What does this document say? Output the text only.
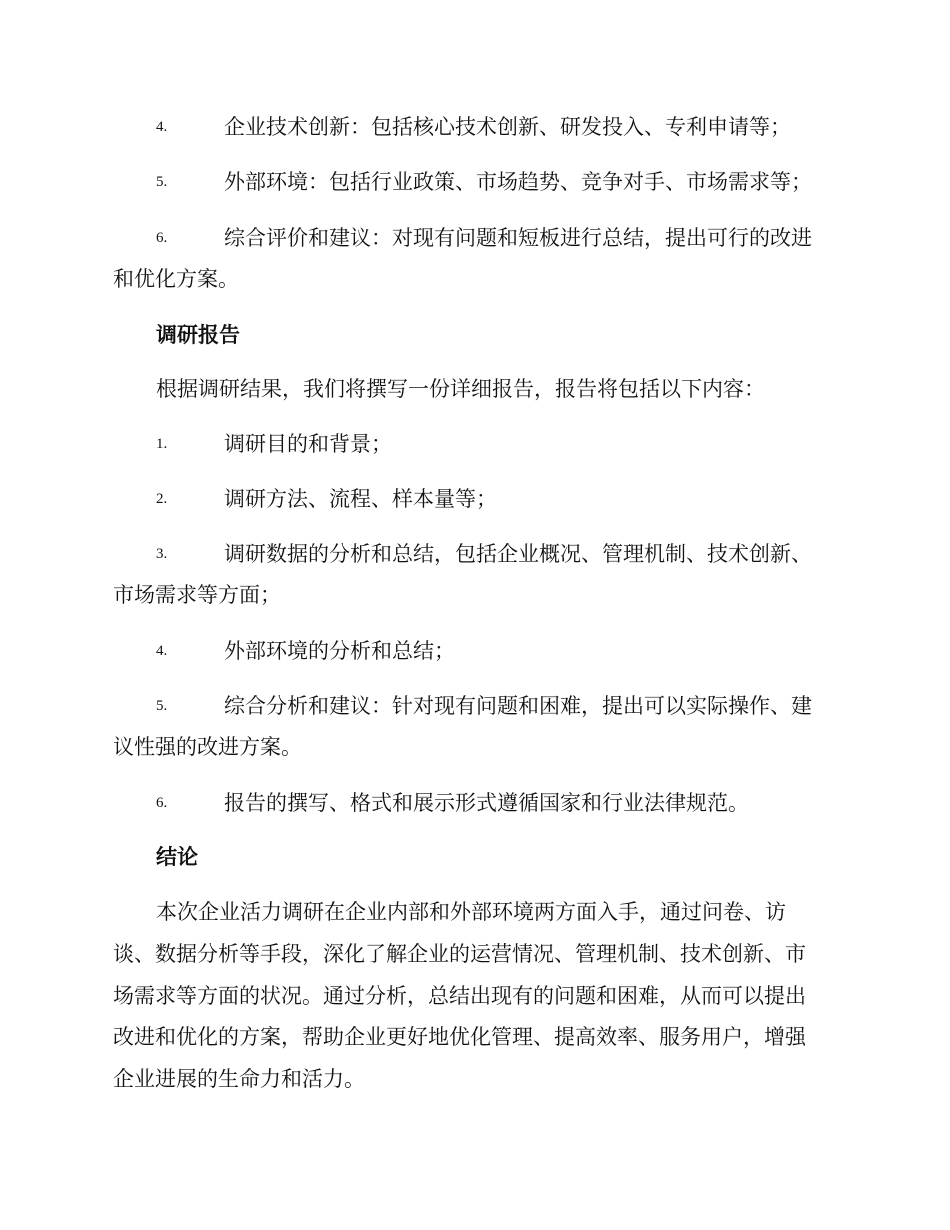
4.	企业技术创新：包括核心技术创新、研发投入、专利申请等；
5.	外部环境：包括行业政策、市场趋势、竞争对手、市场需求等；
6.	综合评价和建议：对现有问题和短板进行总结，提出可行的改进
和优化方案。
调研报告
根据调研结果，我们将撰写一份详细报告，报告将包括以下内容：
1.	调研目的和背景；
2.	调研方法、流程、样本量等；
3.	调研数据的分析和总结，包括企业概况、管理机制、技术创新、
市场需求等方面；
4.	外部环境的分析和总结；
5.	综合分析和建议：针对现有问题和困难，提出可以实际操作、建
议性强的改进方案。
6.	报告的撰写、格式和展示形式遵循国家和行业法律规范。
结论
本次企业活力调研在企业内部和外部环境两方面入手，通过问卷、访
谈、数据分析等手段，深化了解企业的运营情况、管理机制、技术创新、市
场需求等方面的状况。通过分析，总结出现有的问题和困难，从而可以提出
改进和优化的方案，帮助企业更好地优化管理、提高效率、服务用户，增强
企业进展的生命力和活力。
